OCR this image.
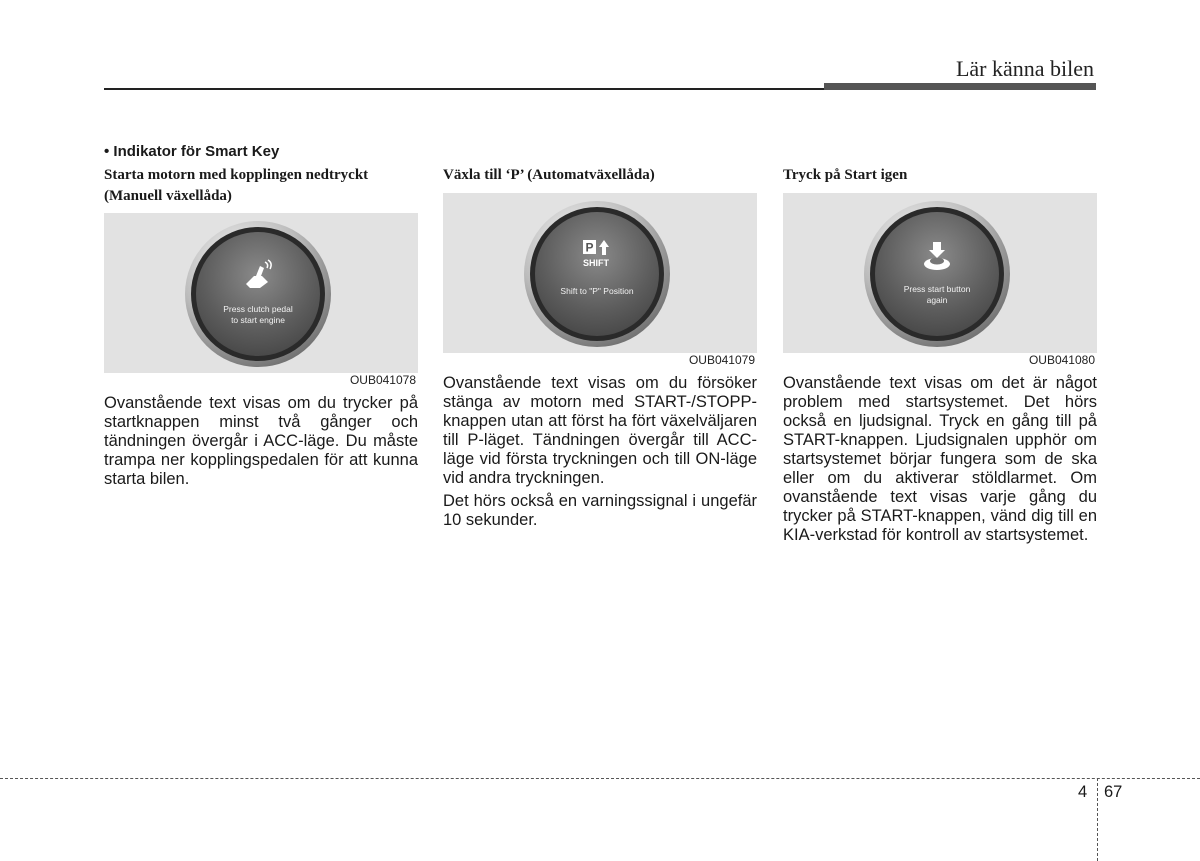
Lär känna bilen

• Indikator för Smart Key

Starta motorn med kopplingen nedtryckt (Manuell växellåda)

Press clutch pedal
to start engine
OUB041078

Ovanstående text visas om du trycker på startknappen minst två gånger och tändningen övergår i ACC-läge. Du måste trampa ner kopplingspedalen för att kunna starta bilen.

Växla till ‘P’ (Automatväxellåda)

P
SHIFT
Shift to "P" Position
OUB041079

Ovanstående text visas om du försöker stänga av motorn med START-/STOPP-knappen utan att först ha fört växelväljaren till P-läget. Tändningen övergår till ACC-läge vid första tryckningen och till ON-läge vid andra tryckningen.

Det hörs också en varningssignal i ungefär 10 sekunder.

Tryck på Start igen

Press start button
again
OUB041080

Ovanstående text visas om det är något problem med startsystemet. Det hörs också en ljudsignal. Tryck en gång till på START-knappen. Ljudsignalen upphör om startsystemet börjar fungera som de ska eller om du aktiverar stöldlarmet. Om ovanstående text visas varje gång du trycker på START-knappen, vänd dig till en KIA-verkstad för kontroll av startsystemet.

4 67
